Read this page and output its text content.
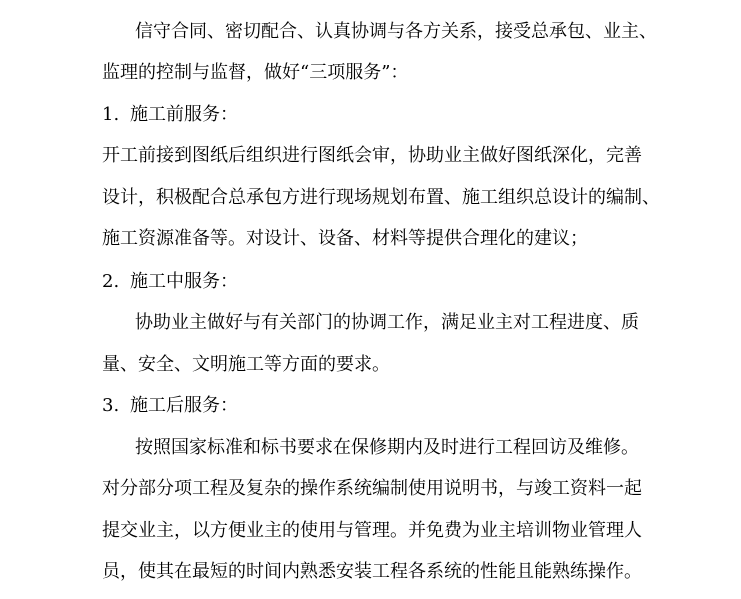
信守合同、密切配合、认真协调与各方关系，接受总承包、业主、
监理的控制与监督，做好“三项服务”：
1. 施工前服务：
开工前接到图纸后组织进行图纸会审，协助业主做好图纸深化，完善
设计，积极配合总承包方进行现场规划布置、施工组织总设计的编制、
施工资源准备等。对设计、设备、材料等提供合理化的建议；
2. 施工中服务：
协助业主做好与有关部门的协调工作，满足业主对工程进度、质
量、安全、文明施工等方面的要求。
3. 施工后服务：
按照国家标准和标书要求在保修期内及时进行工程回访及维修。
对分部分项工程及复杂的操作系统编制使用说明书，与竣工资料一起
提交业主，以方便业主的使用与管理。并免费为业主培训物业管理人
员，使其在最短的时间内熟悉安装工程各系统的性能且能熟练操作。
